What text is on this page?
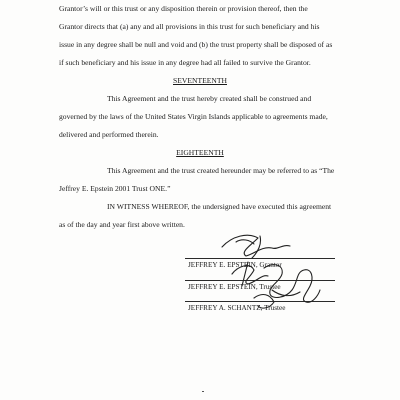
Grantor’s will or this trust or any disposition therein or provision thereof, then the
Grantor directs that (a) any and all provisions in this trust for such beneficiary and his
issue in any degree shall be null and void and (b) the trust property shall be disposed of as
if such beneficiary and his issue in any degree had all failed to survive the Grantor.
SEVENTEENTH
This Agreement and the trust hereby created shall be construed and
governed by the laws of the United States Virgin Islands applicable to agreements made,
delivered and performed therein.
EIGHTEENTH
This Agreement and the trust created hereunder may be referred to as “The
Jeffrey E. Epstein 2001 Trust ONE.”
IN WITNESS WHEREOF, the undersigned have executed this agreement
as of the day and year first above written.
JEFFREY E. EPSTEIN, Grantor
JEFFREY E. EPSTEIN, Trustee
JEFFREY A. SCHANTZ, Trustee
